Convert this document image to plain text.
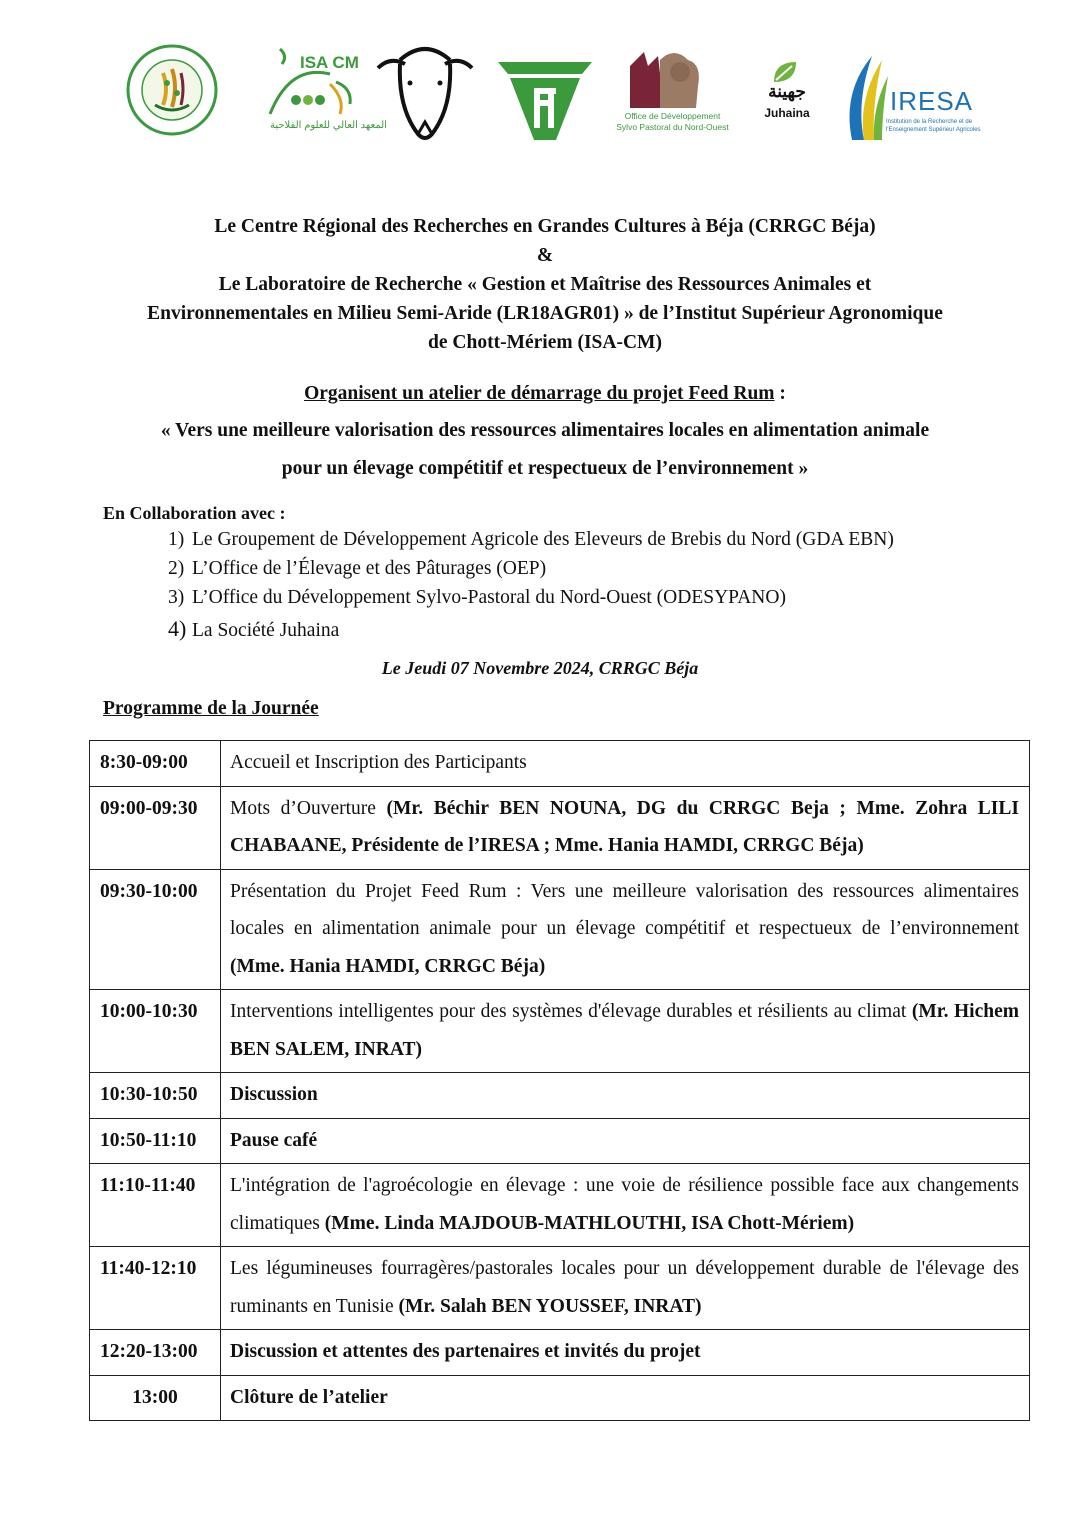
ISA CM
المعهد العالي للعلوم الفلاحية
Office de Développement
Sylvo Pastoral du Nord-Ouest
جهينة
Juhaina	IRESA
Institution de la Recherche et de
l'Enseignement Supérieur Agricoles
Le Centre Régional des Recherches en Grandes Cultures à Béja (CRRGC Béja)
&
Le Laboratoire de Recherche « Gestion et Maîtrise des Ressources Animales et
Environnementales en Milieu Semi-Aride (LR18AGR01) » de l’Institut Supérieur Agronomique
de Chott-Mériem (ISA-CM)
Organisent un atelier de démarrage du projet Feed Rum :
« Vers une meilleure valorisation des ressources alimentaires locales en alimentation animale
pour un élevage compétitif et respectueux de l’environnement »
En Collaboration avec :
1) Le Groupement de Développement Agricole des Eleveurs de Brebis du Nord (GDA EBN)
2) L’Office de l’Élevage et des Pâturages (OEP)
3) L’Office du Développement Sylvo-Pastoral du Nord-Ouest (ODESYPANO)
4) La Société Juhaina
Le Jeudi 07 Novembre 2024, CRRGC Béja
Programme de la Journée
8:30-09:00	Accueil et Inscription des Participants
09:00-09:30	Mots d’Ouverture (Mr. Béchir BEN NOUNA, DG du CRRGC Beja ; Mme. Zohra LILI CHABAANE, Présidente de l’IRESA ; Mme. Hania HAMDI, CRRGC Béja)
09:30-10:00	Présentation du Projet Feed Rum : Vers une meilleure valorisation des ressources alimentaires locales en alimentation animale pour un élevage compétitif et respectueux de l’environnement (Mme. Hania HAMDI, CRRGC Béja)
10:00-10:30	Interventions intelligentes pour des systèmes d'élevage durables et résilients au climat (Mr. Hichem BEN SALEM, INRAT)
10:30-10:50	Discussion
10:50-11:10	Pause café
11:10-11:40	L'intégration de l'agroécologie en élevage : une voie de résilience possible face aux changements climatiques (Mme. Linda MAJDOUB-MATHLOUTHI, ISA Chott-Mériem)
11:40-12:10	Les légumineuses fourragères/pastorales locales pour un développement durable de l'élevage des ruminants en Tunisie (Mr. Salah BEN YOUSSEF, INRAT)
12:20-13:00	Discussion et attentes des partenaires et invités du projet
13:00	Clôture de l’atelier
